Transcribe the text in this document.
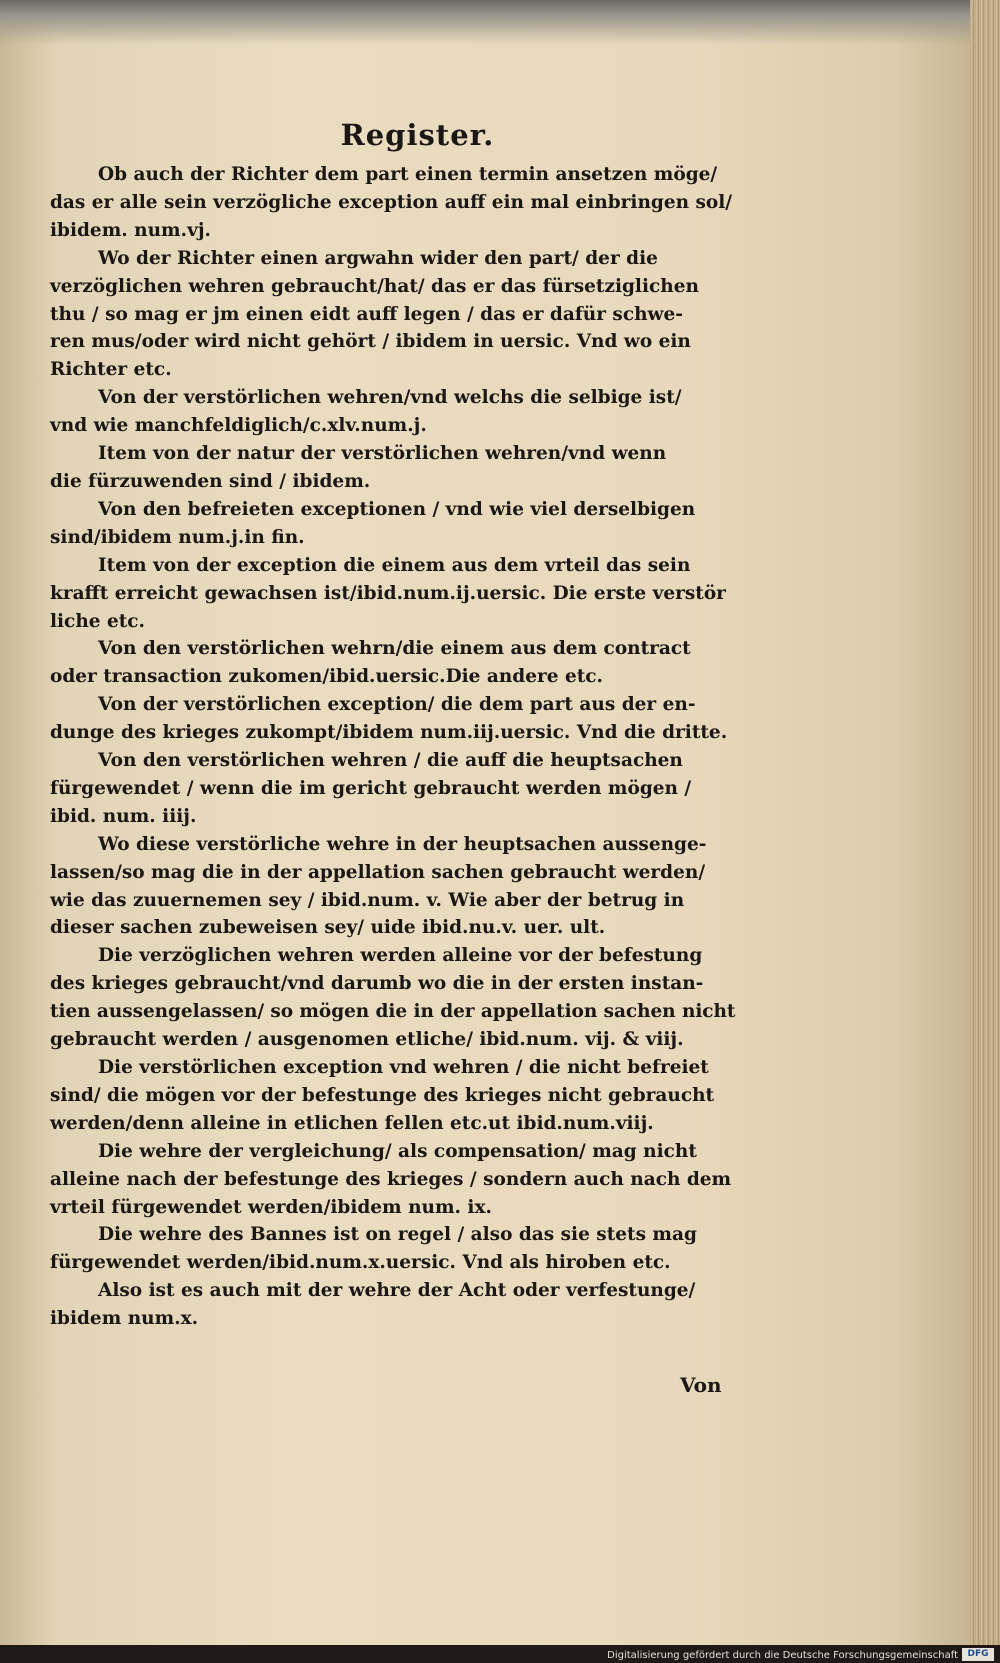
Register.
Ob auch der Richter dem part einen termin ansetzen möge/
das er alle sein verzögliche exception auff ein mal einbringen sol/
ibidem. num.vj.
Wo der Richter einen argwahn wider den part/ der die
verzöglichen wehren gebraucht/hat/ das er das fürsetziglichen
thu / so mag er jm einen eidt auff legen / das er dafür schwe-
ren mus/oder wird nicht gehört / ibidem in uersic. Vnd wo ein
Richter etc.
Von der verstörlichen wehren/vnd welchs die selbige ist/
vnd wie manchfeldiglich/c.xlv.num.j.
Item von der natur der verstörlichen wehren/vnd wenn
die fürzuwenden sind / ibidem.
Von den befreieten exceptionen / vnd wie viel derselbigen
sind/ibidem num.j.in fin.
Item von der exception die einem aus dem vrteil das sein
krafft erreicht gewachsen ist/ibid.num.ij.uersic. Die erste verstör
liche etc.
Von den verstörlichen wehrn/die einem aus dem contract
oder transaction zukomen/ibid.uersic.Die andere etc.
Von der verstörlichen exception/ die dem part aus der en-
dunge des krieges zukompt/ibidem num.iij.uersic. Vnd die dritte.
Von den verstörlichen wehren / die auff die heuptsachen
fürgewendet / wenn die im gericht gebraucht werden mögen /
ibid. num. iiij.
Wo diese verstörliche wehre in der heuptsachen aussenge-
lassen/so mag die in der appellation sachen gebraucht werden/
wie das zuuernemen sey / ibid.num. v. Wie aber der betrug in
dieser sachen zubeweisen sey/ uide ibid.nu.v. uer. ult.
Die verzöglichen wehren werden alleine vor der befestung
des krieges gebraucht/vnd darumb wo die in der ersten instan-
tien aussengelassen/ so mögen die in der appellation sachen nicht
gebraucht werden / ausgenomen etliche/ ibid.num. vij. & viij.
Die verstörlichen exception vnd wehren / die nicht befreiet
sind/ die mögen vor der befestunge des krieges nicht gebraucht
werden/denn alleine in etlichen fellen etc.ut ibid.num.viij.
Die wehre der vergleichung/ als compensation/ mag nicht
alleine nach der befestunge des krieges / sondern auch nach dem
vrteil fürgewendet werden/ibidem num. ix.
Die wehre des Bannes ist on regel / also das sie stets mag
fürgewendet werden/ibid.num.x.uersic. Vnd als hiroben etc.
Also ist es auch mit der wehre der Acht oder verfestunge/
ibidem num.x.
Von
Digitalisierung gefördert durch die Deutsche Forschungsgemeinschaft	DFG
